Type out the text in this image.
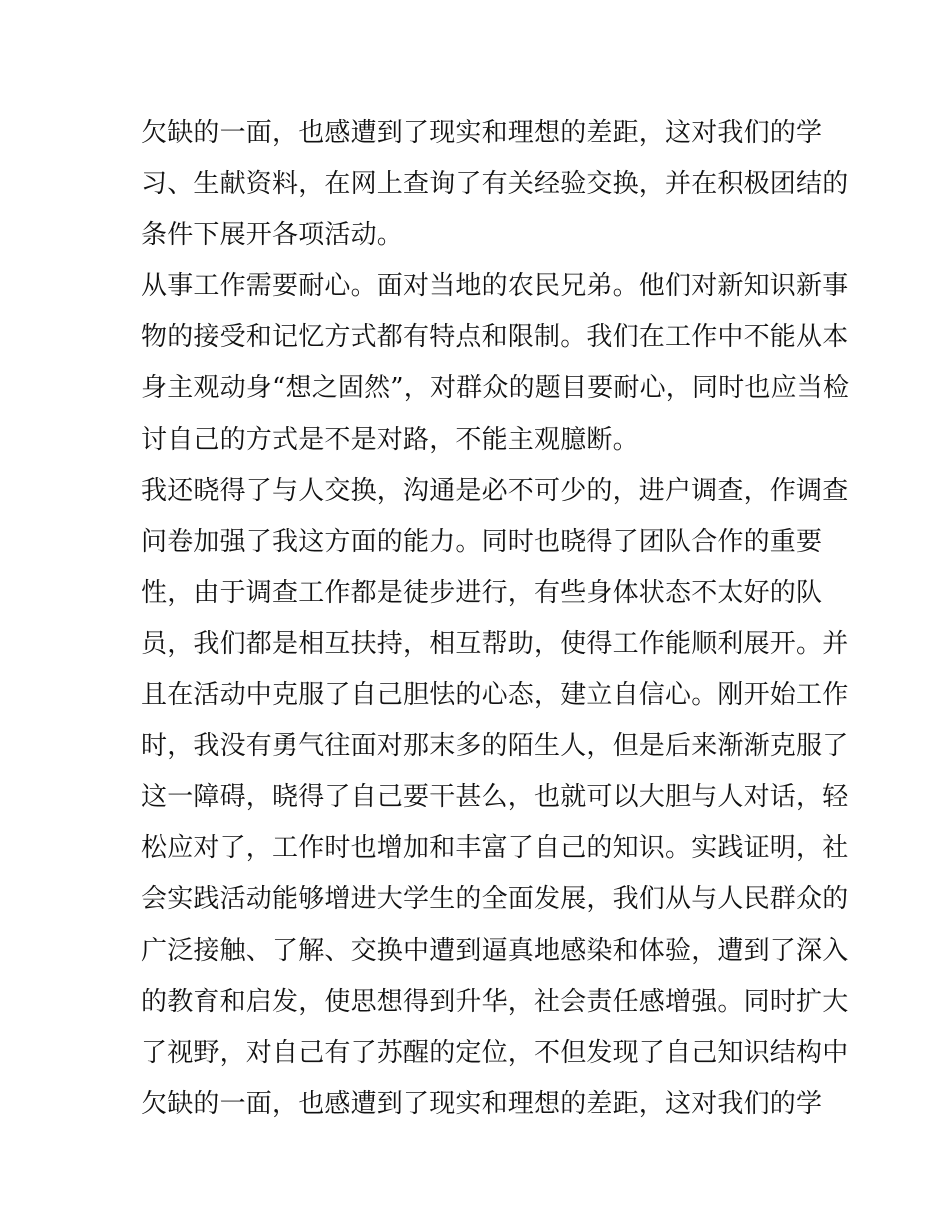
欠缺的一面，也感遭到了现实和理想的差距，这对我们的学
习、生献资料，在网上查询了有关经验交换，并在积极团结的
条件下展开各项活动。
从事工作需要耐心。面对当地的农民兄弟。他们对新知识新事
物的接受和记忆方式都有特点和限制。我们在工作中不能从本
身主观动身“想之固然”，对群众的题目要耐心，同时也应当检
讨自己的方式是不是对路，不能主观臆断。
我还晓得了与人交换，沟通是必不可少的，进户调查，作调查
问卷加强了我这方面的能力。同时也晓得了团队合作的重要
性，由于调查工作都是徒步进行，有些身体状态不太好的队
员，我们都是相互扶持，相互帮助，使得工作能顺利展开。并
且在活动中克服了自己胆怯的心态，建立自信心。刚开始工作
时，我没有勇气往面对那末多的陌生人，但是后来渐渐克服了
这一障碍，晓得了自己要干甚么，也就可以大胆与人对话，轻
松应对了，工作时也增加和丰富了自己的知识。实践证明，社
会实践活动能够增进大学生的全面发展，我们从与人民群众的
广泛接触、了解、交换中遭到逼真地感染和体验，遭到了深入
的教育和启发，使思想得到升华，社会责任感增强。同时扩大
了视野，对自己有了苏醒的定位，不但发现了自己知识结构中
欠缺的一面，也感遭到了现实和理想的差距，这对我们的学
